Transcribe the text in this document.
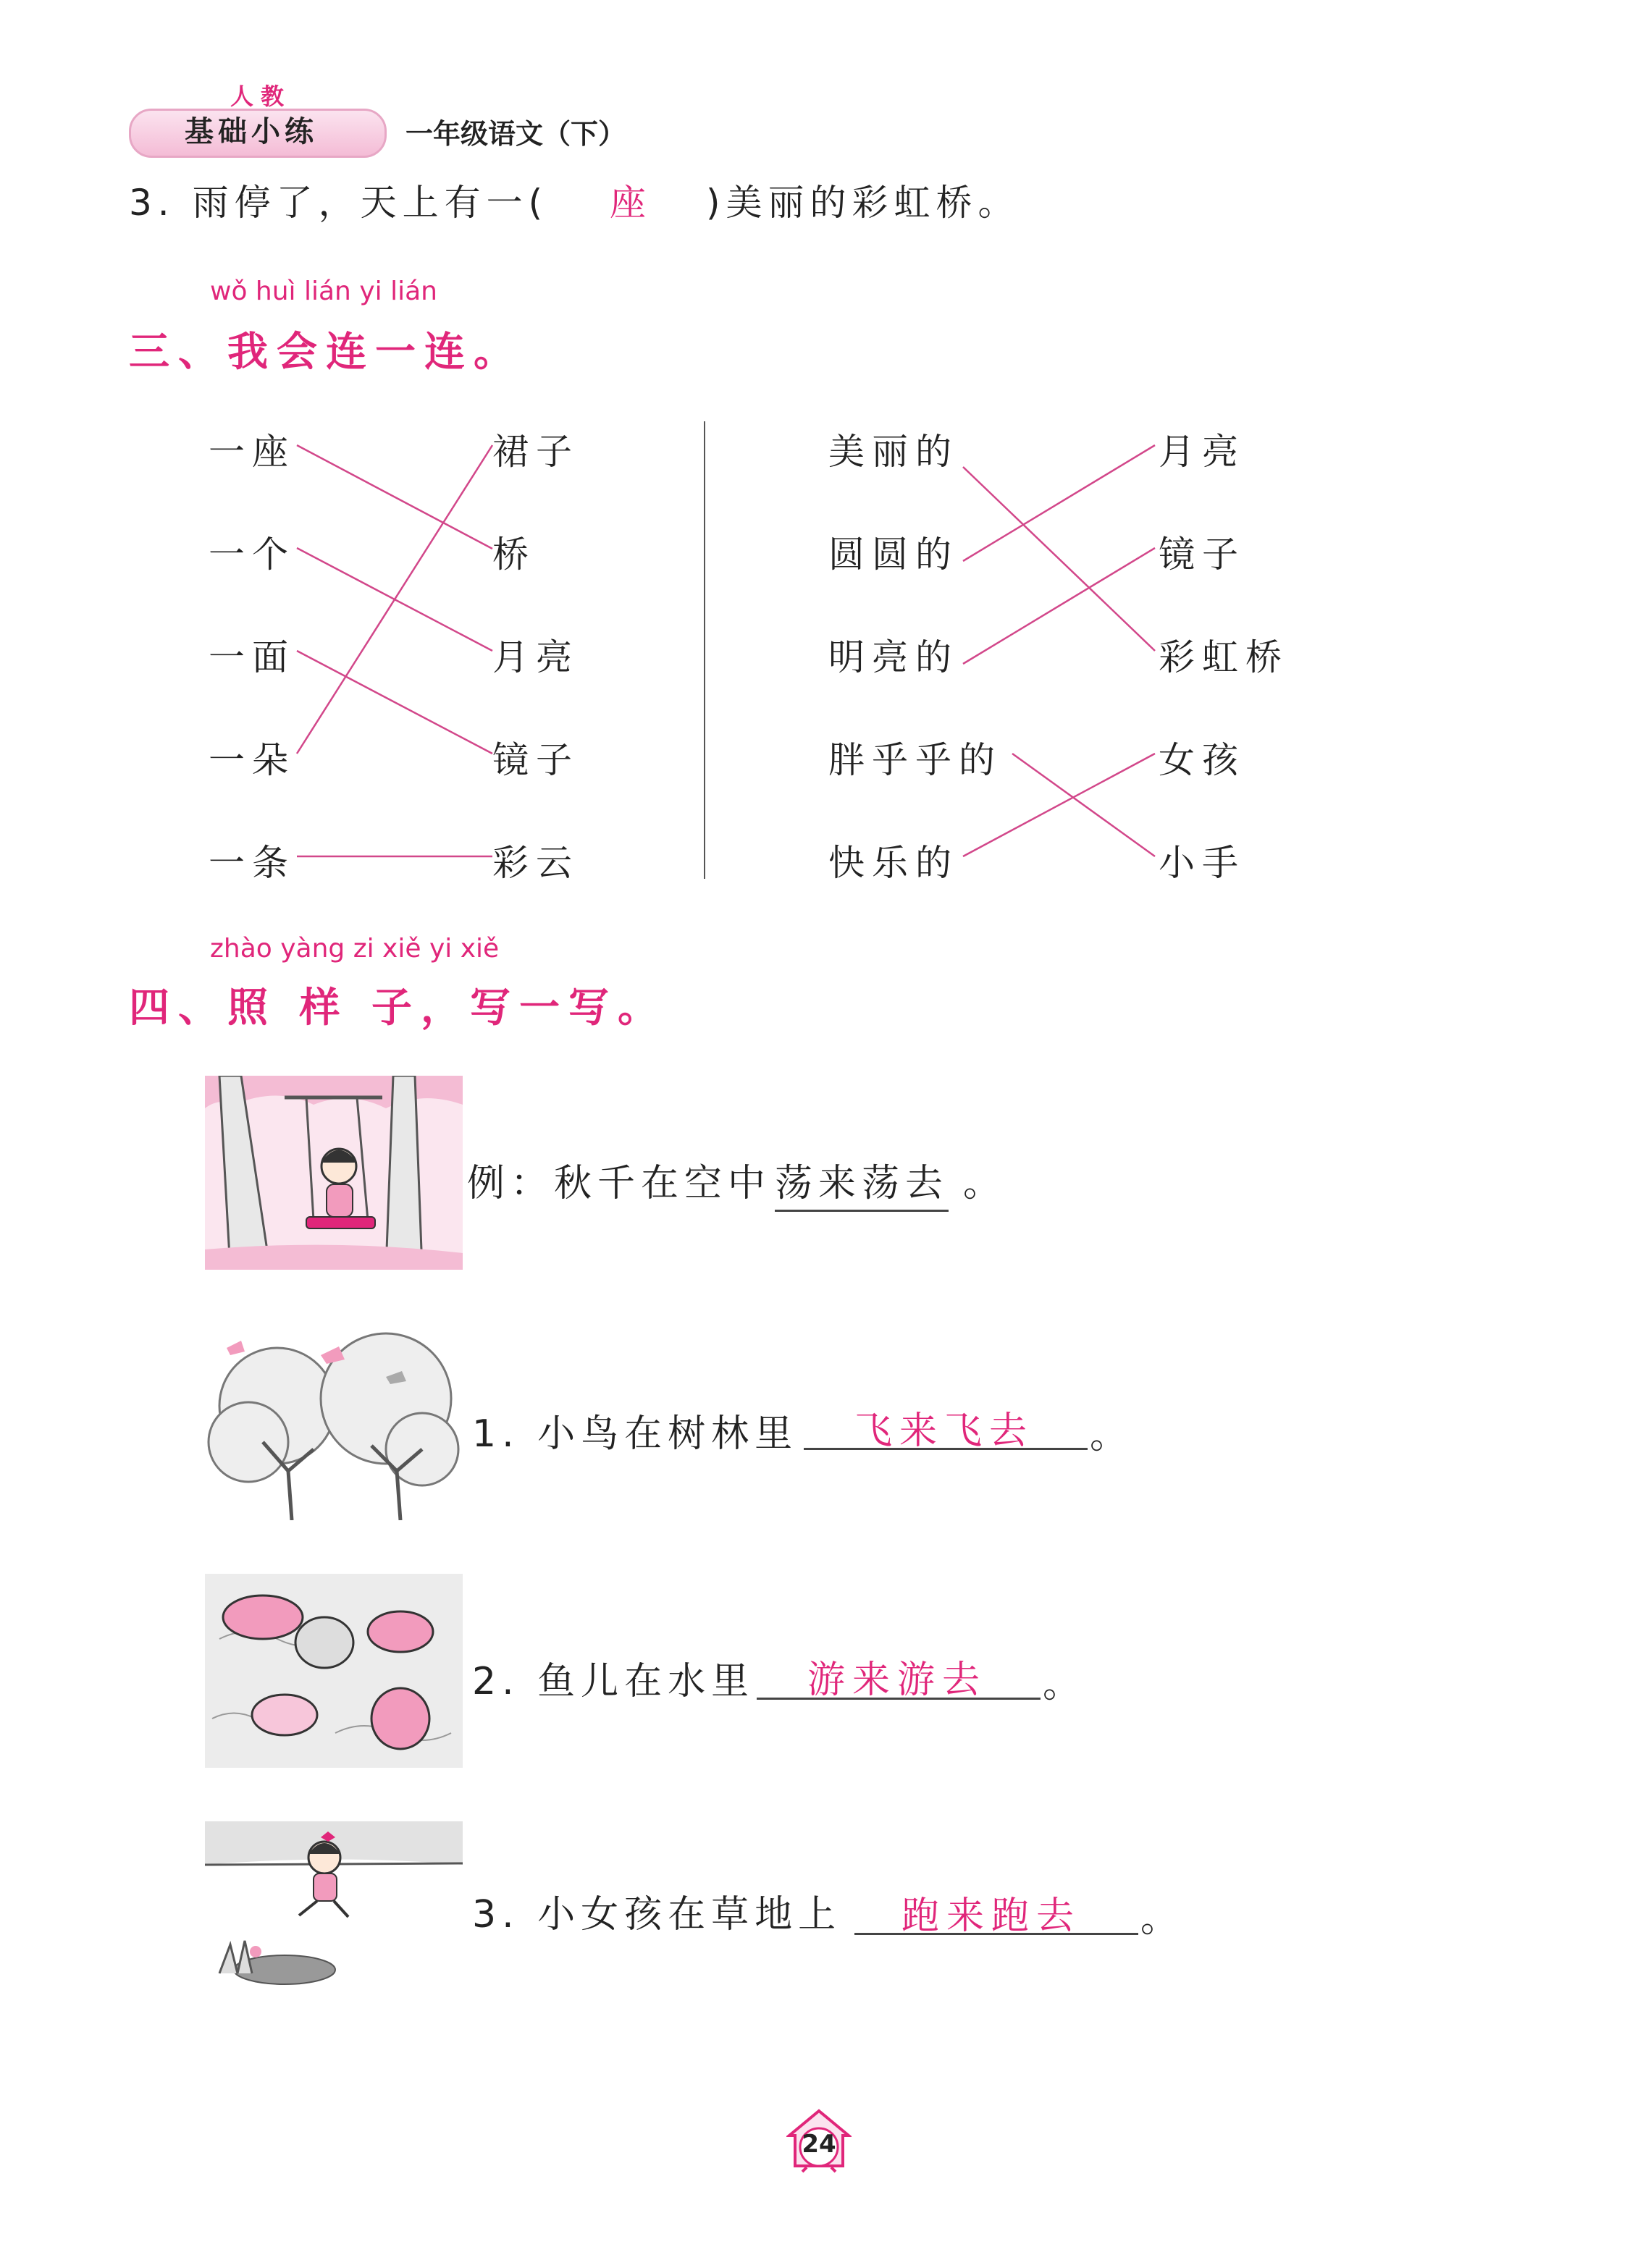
人教
基础小练	一年级语文（下）
3. 雨停了，天上有一( 座 )美丽的彩虹桥。
wǒ huì lián yi lián
三、我会连一连。
一座
一个
一面
一朵
一条
裙子
桥
月亮
镜子
彩云
美丽的
圆圆的
明亮的
胖乎乎的
快乐的
月亮
镜子
彩虹桥
女孩
小手
zhào yàng zi xiě yi xiě
四、照 样 子，写一写。
例：秋千在空中 荡来荡去 。
1. 小鸟在树林里 飞来飞去 。
2. 鱼儿在水里 游来游去 。
3. 小女孩在草地上 跑来跑去 。
24
